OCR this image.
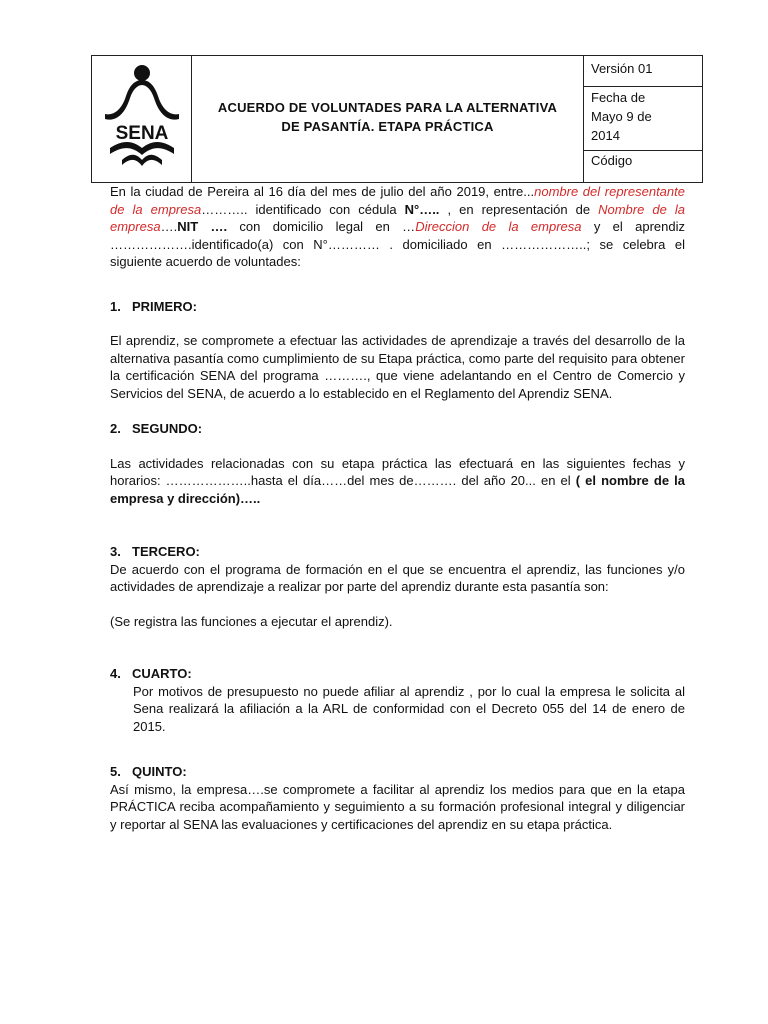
SENA
ACUERDO DE VOLUNTADES PARA LA ALTERNATIVA
DE PASANTÍA. ETAPA PRÁCTICA
Versión 01
Fecha de
Mayo 9 de
2014
Código

En la ciudad de Pereira al 16 día del mes de julio del año 2019, entre...nombre del representante de la empresa……….. identificado con cédula N°….. , en representación de Nombre de la empresa….NIT …. con domicilio legal en …Direccion de la empresa y el aprendiz ……………….identificado(a) con N°………… . domiciliado en ………………..; se celebra el siguiente acuerdo de voluntades:

1. PRIMERO:

El aprendiz, se compromete a efectuar las actividades de aprendizaje a través del desarrollo de la alternativa pasantía como cumplimiento de su Etapa práctica, como parte del requisito para obtener la certificación SENA del programa ………., que viene adelantando en el Centro de Comercio y Servicios del SENA, de acuerdo a lo establecido en el Reglamento del Aprendiz SENA.

2. SEGUNDO:

Las actividades relacionadas con su etapa práctica las efectuará en las siguientes fechas y horarios: ………………..hasta el día……del mes de………. del año 20... en el ( el nombre de la empresa y dirección)…..

3. TERCERO:

De acuerdo con el programa de formación en el que se encuentra el aprendiz, las funciones y/o actividades de aprendizaje a realizar por parte del aprendiz durante esta pasantía son:

(Se registra las funciones a ejecutar el aprendiz).

4. CUARTO:

Por motivos de presupuesto no puede afiliar al aprendiz , por lo cual la empresa le solicita al Sena realizará la afiliación a la ARL de conformidad con el Decreto 055 del 14 de enero de 2015.

5. QUINTO:

Así mismo, la empresa….se compromete a facilitar al aprendiz los medios para que en la etapa PRÁCTICA reciba acompañamiento y seguimiento a su formación profesional integral y diligenciar y reportar al SENA las evaluaciones y certificaciones del aprendiz en su etapa práctica.
